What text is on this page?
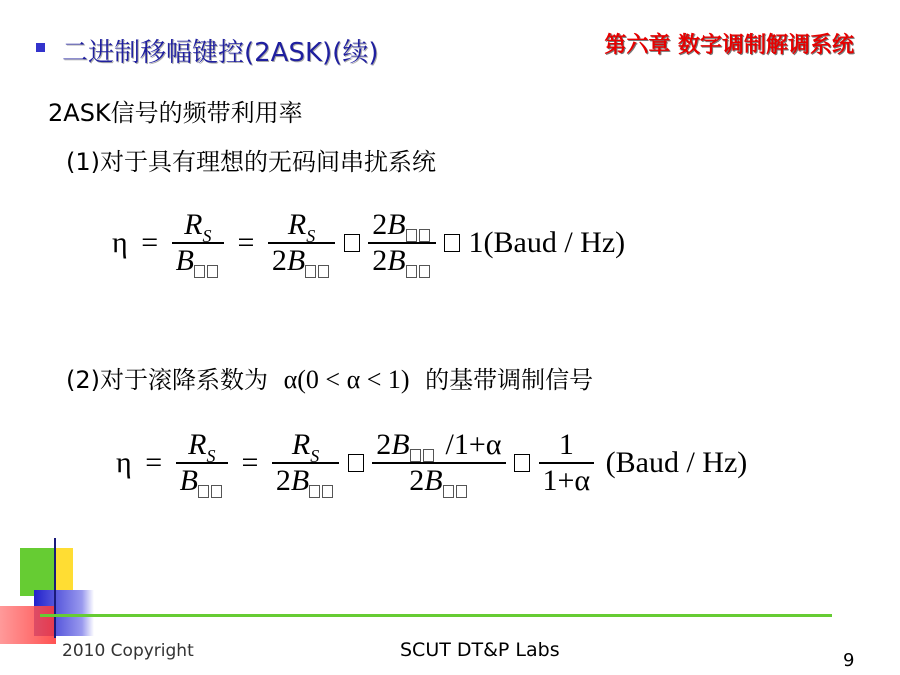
二进制移幅键控(2ASK)(续)	第六章 数字调制解调系统
2ASK信号的频带利用率
(1)对于具有理想的无码间串扰系统
$\eta = \frac{R_S}{B} = \frac{R_S}{2B}$
$\frac{2B}{2B}$ 1(Baud / Hz)
(2)对于滚降系数为 α(0 < α < 1) 的基带调制信号
$\eta = \frac{R_S}{B} = \frac{R_S}{2B}$
$\frac{2B /1+\alpha}{2B}$
$\frac{1}{1+\alpha}$ (Baud / Hz)
2010 Copyright	SCUT DT&P Labs	9
